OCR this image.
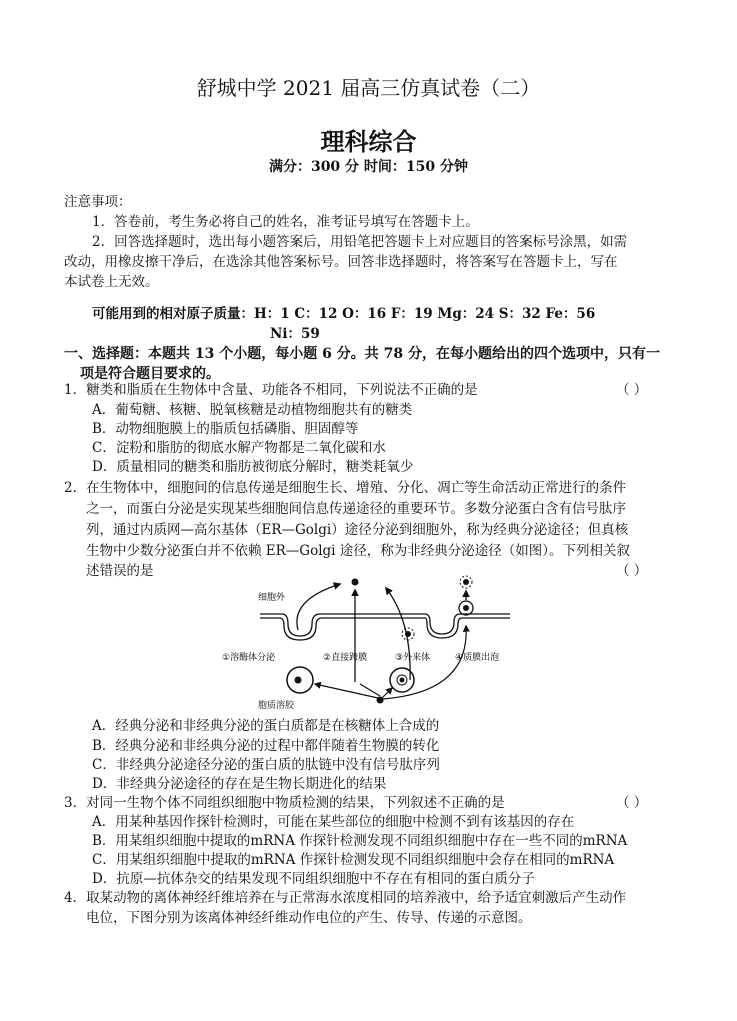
舒城中学 2021 届高三仿真试卷（二）
理科综合
满分：300 分 时间：150 分钟
注意事项：
1．答卷前，考生务必将自己的姓名，准考证号填写在答题卡上。
2．回答选择题时，选出每小题答案后，用铅笔把答题卡上对应题目的答案标号涂黑，如需
改动，用橡皮擦干净后，在选涂其他答案标号。回答非选择题时，将答案写在答题卡上，写在
本试卷上无效。
可能用到的相对原子质量：H：1 C：12 O：16 F：19 Mg：24 S：32 Fe：56
Ni：59
一、选择题：本题共 13 个小题，每小题 6 分。共 78 分，在每小题给出的四个选项中，只有一
项是符合题目要求的。
1．糖类和脂质在生物体中含量、功能各不相同，下列说法不正确的是	（ ）
A．葡萄糖、核糖、脱氧核糖是动植物细胞共有的糖类
B．动物细胞膜上的脂质包括磷脂、胆固醇等
C．淀粉和脂肪的彻底水解产物都是二氧化碳和水
D．质量相同的糖类和脂肪被彻底分解时，糖类耗氧少
2．在生物体中，细胞间的信息传递是细胞生长、增殖、分化、凋亡等生命活动正常进行的条件
之一，而蛋白分泌是实现某些细胞间信息传递途径的重要环节。多数分泌蛋白含有信号肽序
列，通过内质网—高尔基体（ER—Golgi）途径分泌到细胞外，称为经典分泌途径；但真核
生物中少数分泌蛋白并不依赖 ER—Golgi 途径，称为非经典分泌途径（如图）。下列相关叙
述错误的是	（ ）
细胞外
①溶酶体分泌	②直接跨膜	③外来体	④质膜出泡
胞质溶胶
A．经典分泌和非经典分泌的蛋白质都是在核糖体上合成的
B．经典分泌和非经典分泌的过程中都伴随着生物膜的转化
C．非经典分泌途径分泌的蛋白质的肽链中没有信号肽序列
D．非经典分泌途径的存在是生物长期进化的结果
3．对同一生物个体不同组织细胞中物质检测的结果，下列叙述不正确的是	（ ）
A．用某种基因作探针检测时，可能在某些部位的细胞中检测不到有该基因的存在
B．用某组织细胞中提取的mRNA 作探针检测发现不同组织细胞中存在一些不同的mRNA
C．用某组织细胞中提取的mRNA 作探针检测发现不同组织细胞中会存在相同的mRNA
D．抗原—抗体杂交的结果发现不同组织细胞中不存在有相同的蛋白质分子
4．取某动物的离体神经纤维培养在与正常海水浓度相同的培养液中，给予适宜刺激后产生动作
电位，下图分别为该离体神经纤维动作电位的产生、传导、传递的示意图。
